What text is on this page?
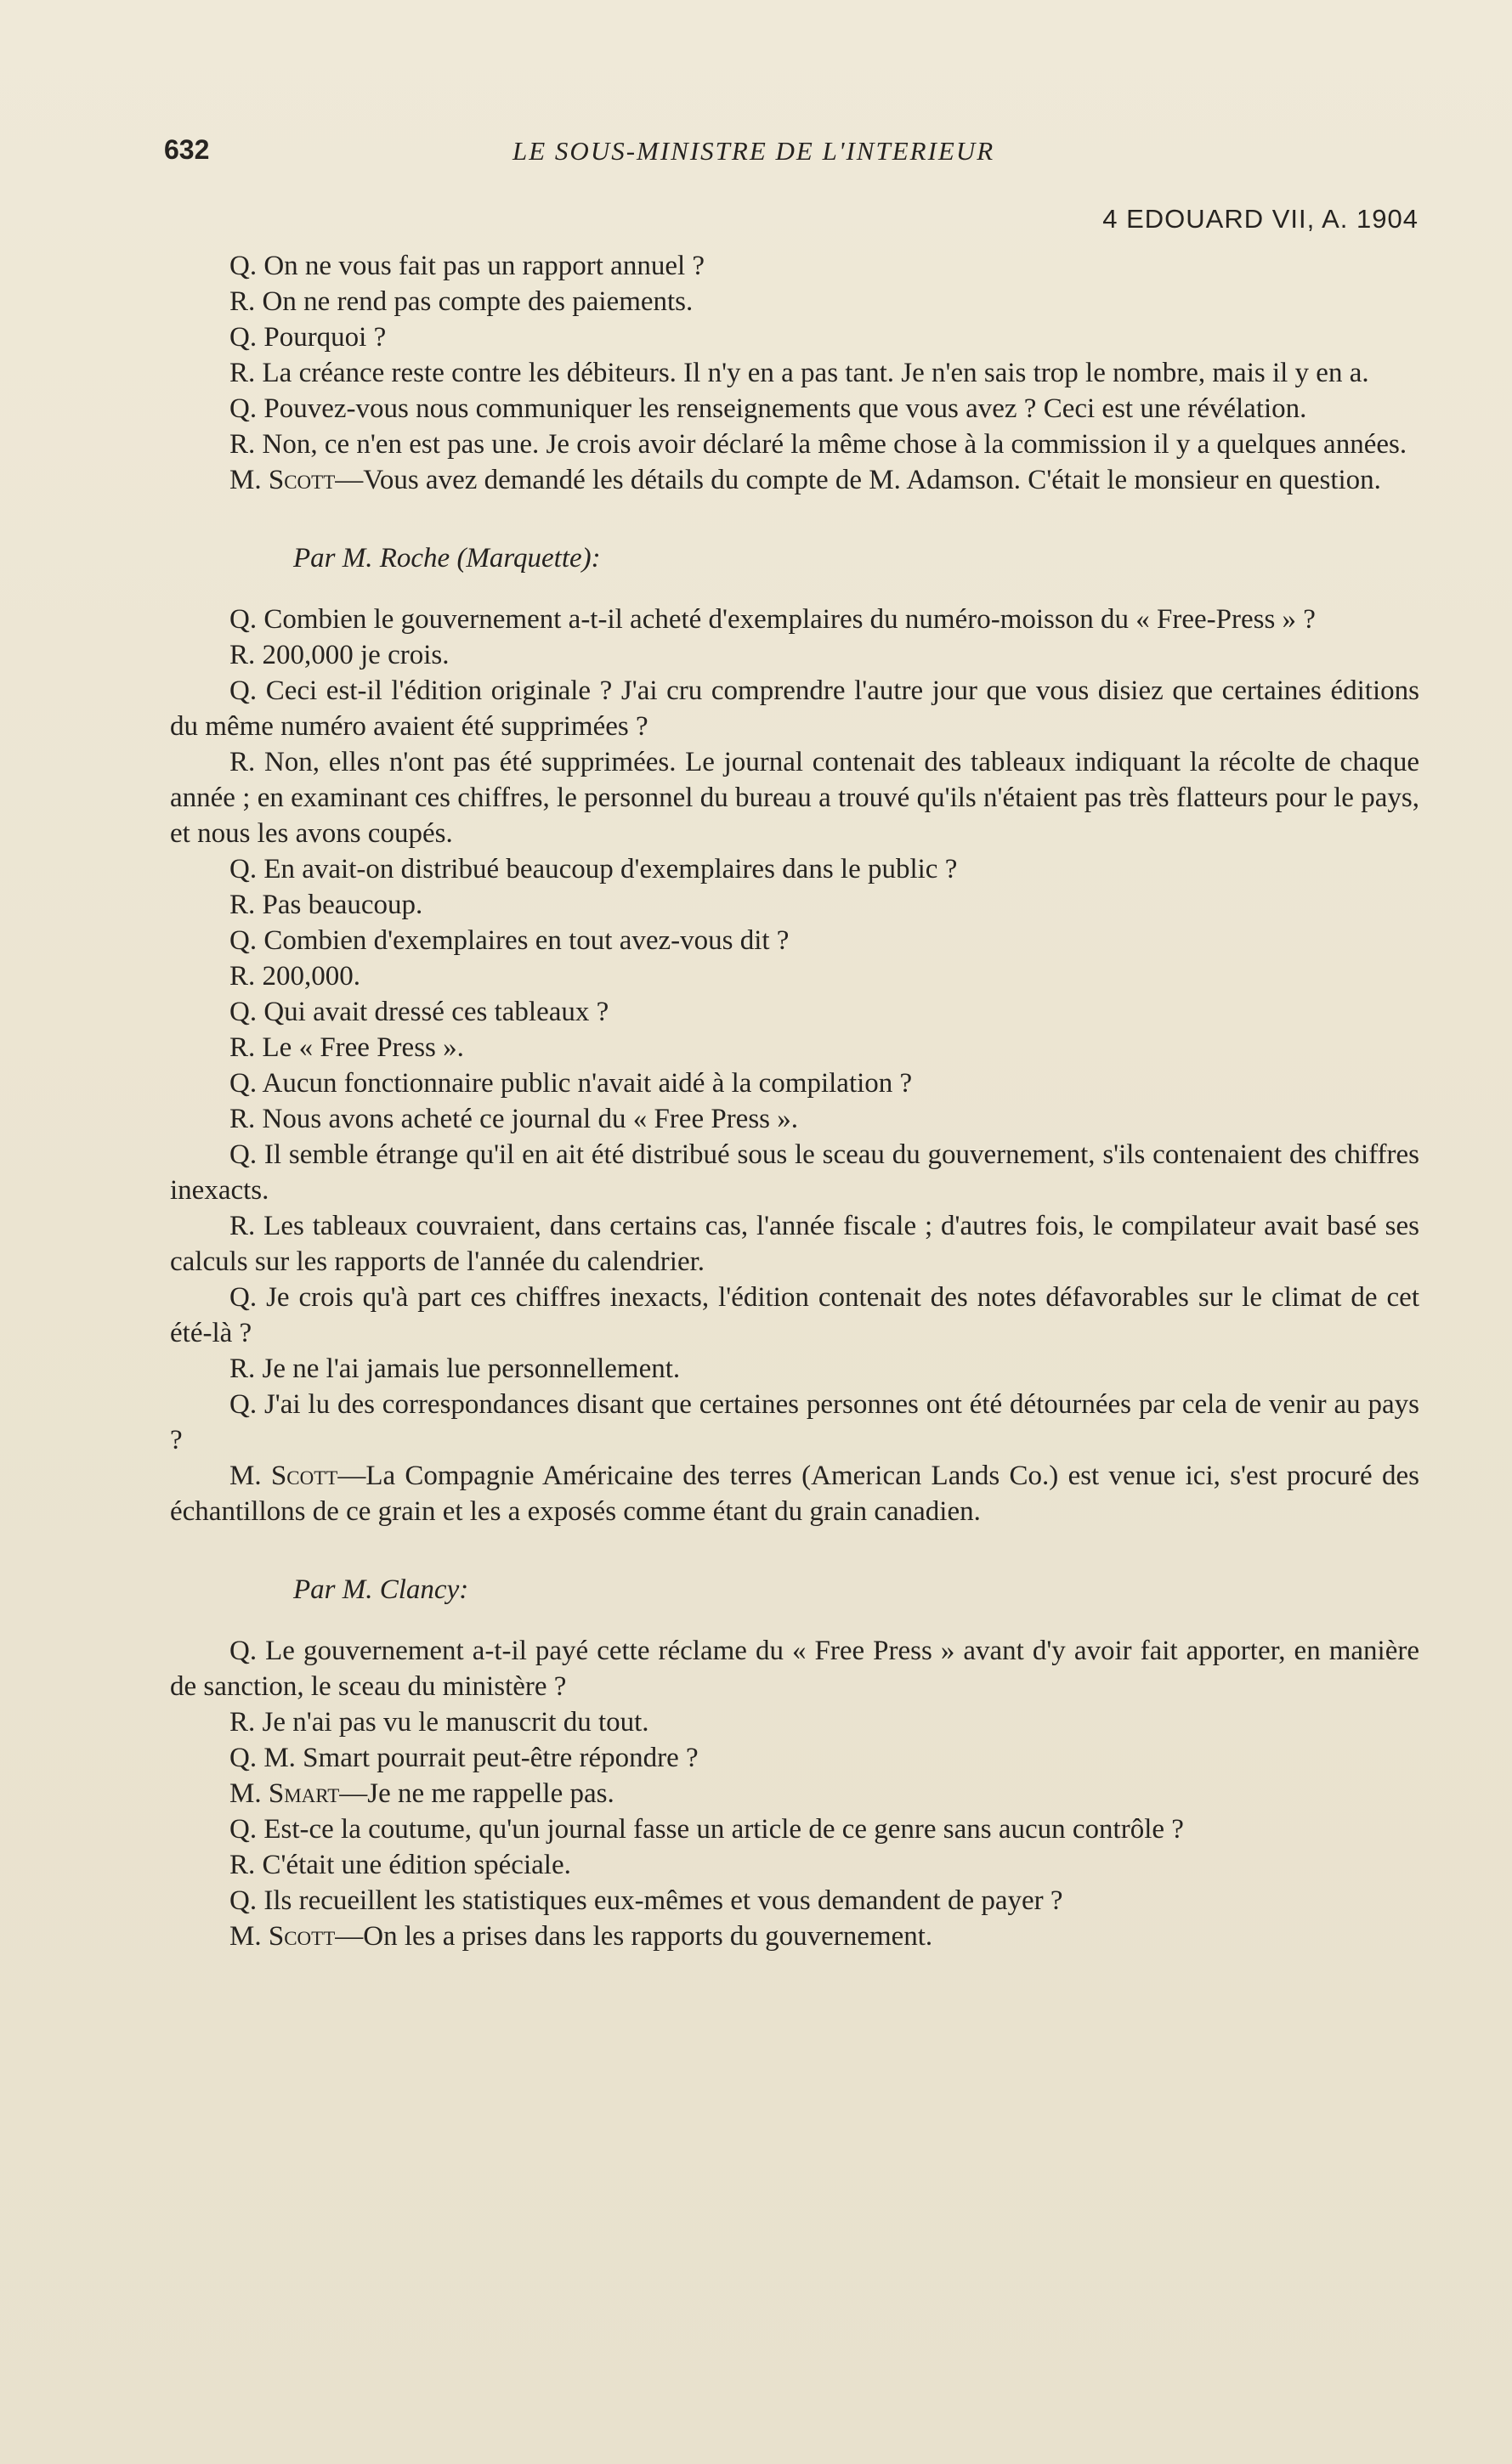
632	LE SOUS-MINISTRE DE L'INTERIEUR
4 EDOUARD VII, A. 1904

Q. On ne vous fait pas un rapport annuel ?

R. On ne rend pas compte des paiements.

Q. Pourquoi ?

R. La créance reste contre les débiteurs. Il n'y en a pas tant. Je n'en sais trop le nombre, mais il y en a.

Q. Pouvez-vous nous communiquer les renseignements que vous avez ? Ceci est une révélation.

R. Non, ce n'en est pas une. Je crois avoir déclaré la même chose à la commission il y a quelques années.

M. Scott—Vous avez demandé les détails du compte de M. Adamson. C'était le monsieur en question.

Par M. Roche (Marquette):

Q. Combien le gouvernement a-t-il acheté d'exemplaires du numéro-moisson du « Free-Press » ?

R. 200,000 je crois.

Q. Ceci est-il l'édition originale ? J'ai cru comprendre l'autre jour que vous disiez que certaines éditions du même numéro avaient été supprimées ?

R. Non, elles n'ont pas été supprimées. Le journal contenait des tableaux indiquant la récolte de chaque année ; en examinant ces chiffres, le personnel du bureau a trouvé qu'ils n'étaient pas très flatteurs pour le pays, et nous les avons coupés.

Q. En avait-on distribué beaucoup d'exemplaires dans le public ?

R. Pas beaucoup.

Q. Combien d'exemplaires en tout avez-vous dit ?

R. 200,000.

Q. Qui avait dressé ces tableaux ?

R. Le « Free Press ».

Q. Aucun fonctionnaire public n'avait aidé à la compilation ?

R. Nous avons acheté ce journal du « Free Press ».

Q. Il semble étrange qu'il en ait été distribué sous le sceau du gouvernement, s'ils contenaient des chiffres inexacts.

R. Les tableaux couvraient, dans certains cas, l'année fiscale ; d'autres fois, le compilateur avait basé ses calculs sur les rapports de l'année du calendrier.

Q. Je crois qu'à part ces chiffres inexacts, l'édition contenait des notes défavorables sur le climat de cet été-là ?

R. Je ne l'ai jamais lue personnellement.

Q. J'ai lu des correspondances disant que certaines personnes ont été détournées par cela de venir au pays ?

M. Scott—La Compagnie Américaine des terres (American Lands Co.) est venue ici, s'est procuré des échantillons de ce grain et les a exposés comme étant du grain canadien.

Par M. Clancy:

Q. Le gouvernement a-t-il payé cette réclame du « Free Press » avant d'y avoir fait apporter, en manière de sanction, le sceau du ministère ?

R. Je n'ai pas vu le manuscrit du tout.

Q. M. Smart pourrait peut-être répondre ?

M. Smart—Je ne me rappelle pas.

Q. Est-ce la coutume, qu'un journal fasse un article de ce genre sans aucun contrôle ?

R. C'était une édition spéciale.

Q. Ils recueillent les statistiques eux-mêmes et vous demandent de payer ?

M. Scott—On les a prises dans les rapports du gouvernement.
